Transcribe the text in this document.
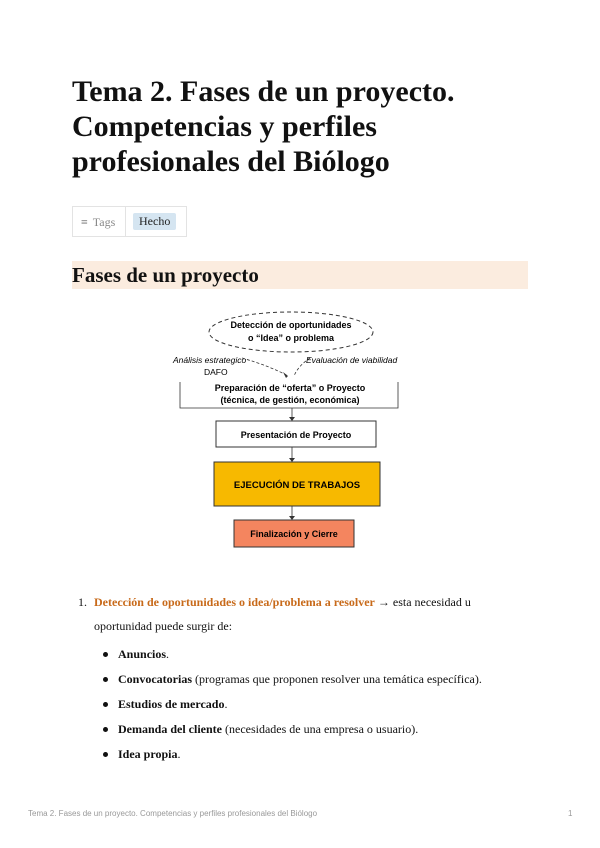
Tema 2. Fases de un proyecto.
Competencias y perfiles
profesionales del Biólogo
≡ Tags	Hecho
Fases de un proyecto
Detección de oportunidades
o “Idea” o problema
Análisis estrategico
DAFO
Evaluación de viabilidad
Preparación de “oferta” o Proyecto
(técnica, de gestión, económica)
Presentación de Proyecto
EJECUCIÓN DE TRABAJOS
Finalización y Cierre
1. Detección de oportunidades o idea/problema a resolver → esta necesidad u oportunidad puede surgir de:
Anuncios.
Convocatorias (programas que proponen resolver una temática específica).
Estudios de mercado.
Demanda del cliente (necesidades de una empresa o usuario).
Idea propia.
Tema 2. Fases de un proyecto. Competencias y perfiles profesionales del Biólogo	1
